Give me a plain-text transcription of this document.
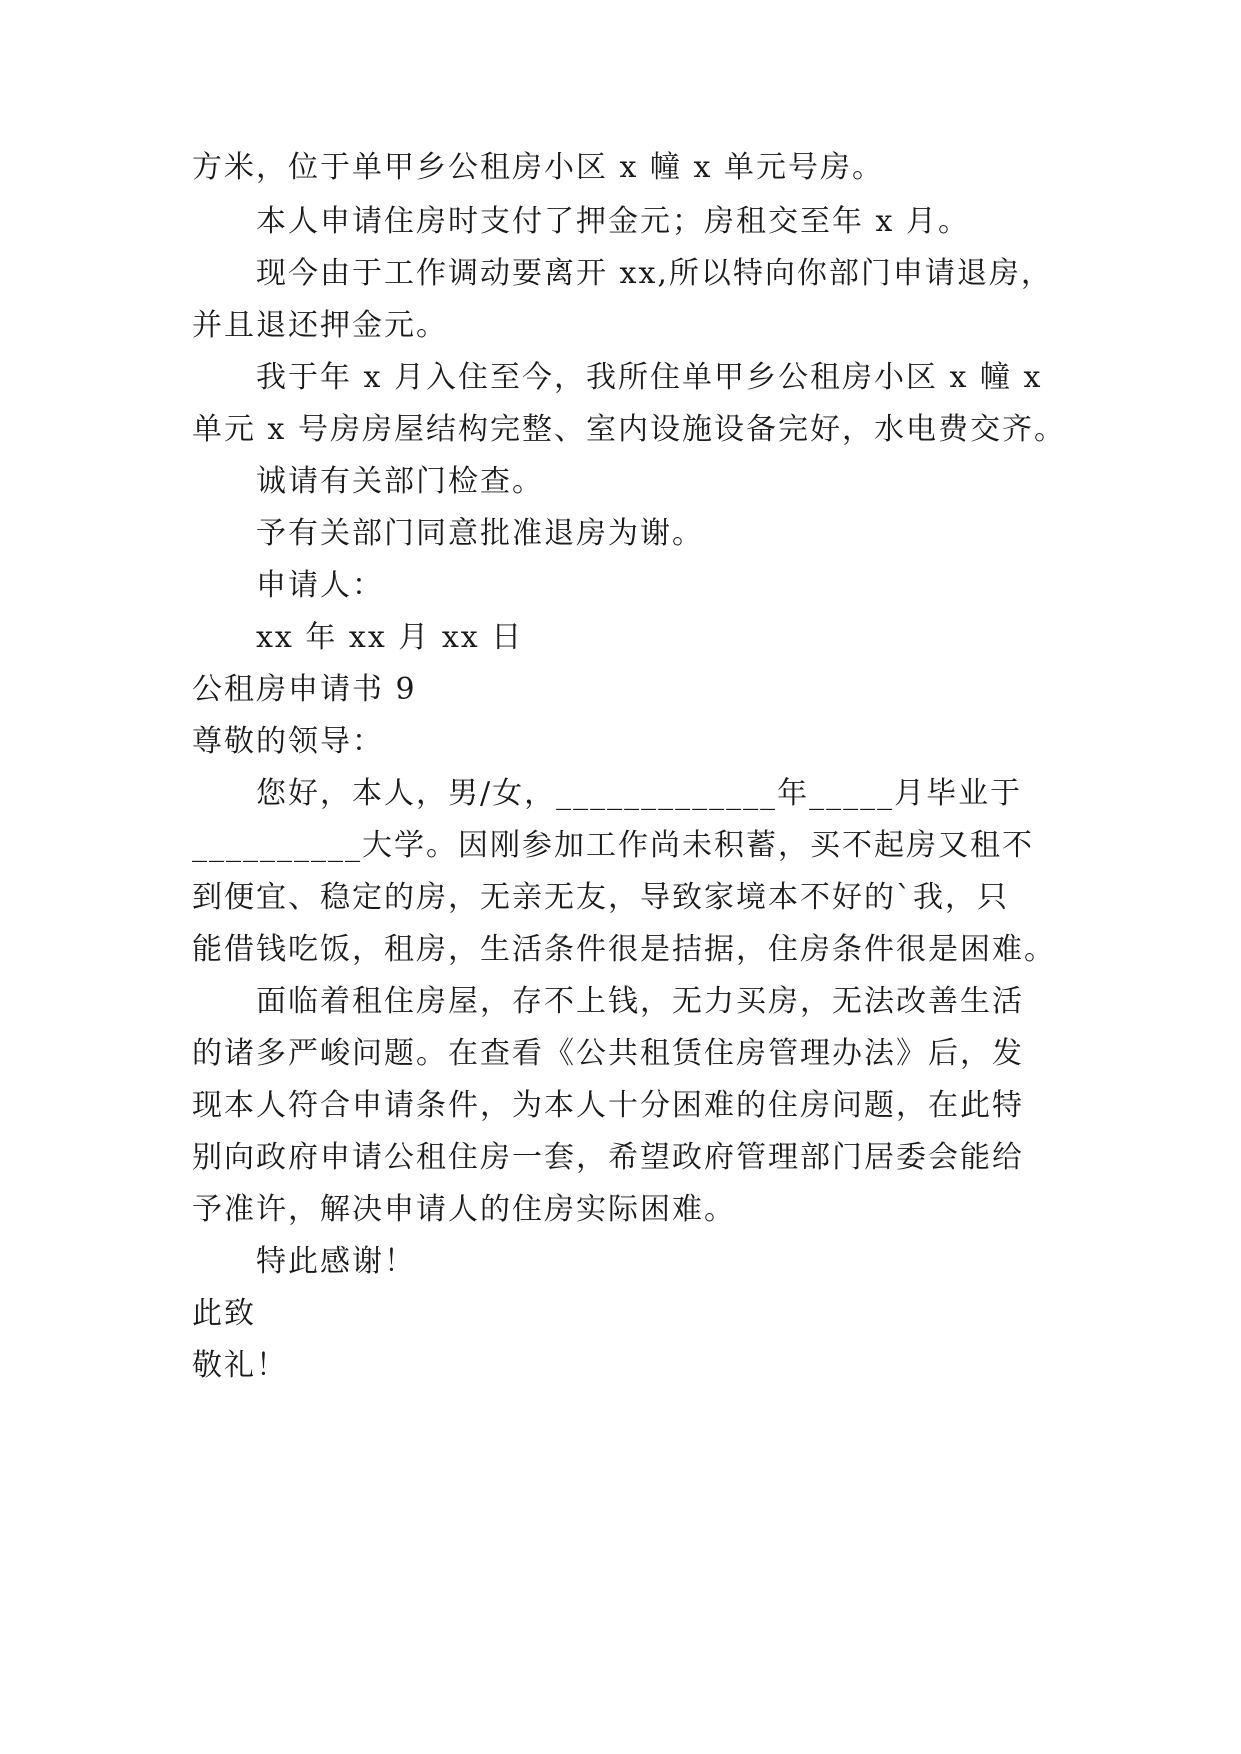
方米，位于单甲乡公租房小区 x 幢 x 单元号房。
本人申请住房时支付了押金元；房租交至年 x 月。
现今由于工作调动要离开 xx,所以特向你部门申请退房，
并且退还押金元。
我于年 x 月入住至今，我所住单甲乡公租房小区 x 幢 x
单元 x 号房房屋结构完整、室内设施设备完好，水电费交齐。
诚请有关部门检查。
予有关部门同意批准退房为谢。
申请人：
xx 年 xx 月 xx 日
公租房申请书 9
尊敬的领导：
您好，本人，男/女，_____________年_____月毕业于
__________大学。因刚参加工作尚未积蓄，买不起房又租不
到便宜、稳定的房，无亲无友，导致家境本不好的`我，只
能借钱吃饭，租房，生活条件很是拮据，住房条件很是困难。
面临着租住房屋，存不上钱，无力买房，无法改善生活
的诸多严峻问题。在查看《公共租赁住房管理办法》后，发
现本人符合申请条件，为本人十分困难的住房问题，在此特
别向政府申请公租住房一套，希望政府管理部门居委会能给
予准许，解决申请人的住房实际困难。
特此感谢！
此致
敬礼！
